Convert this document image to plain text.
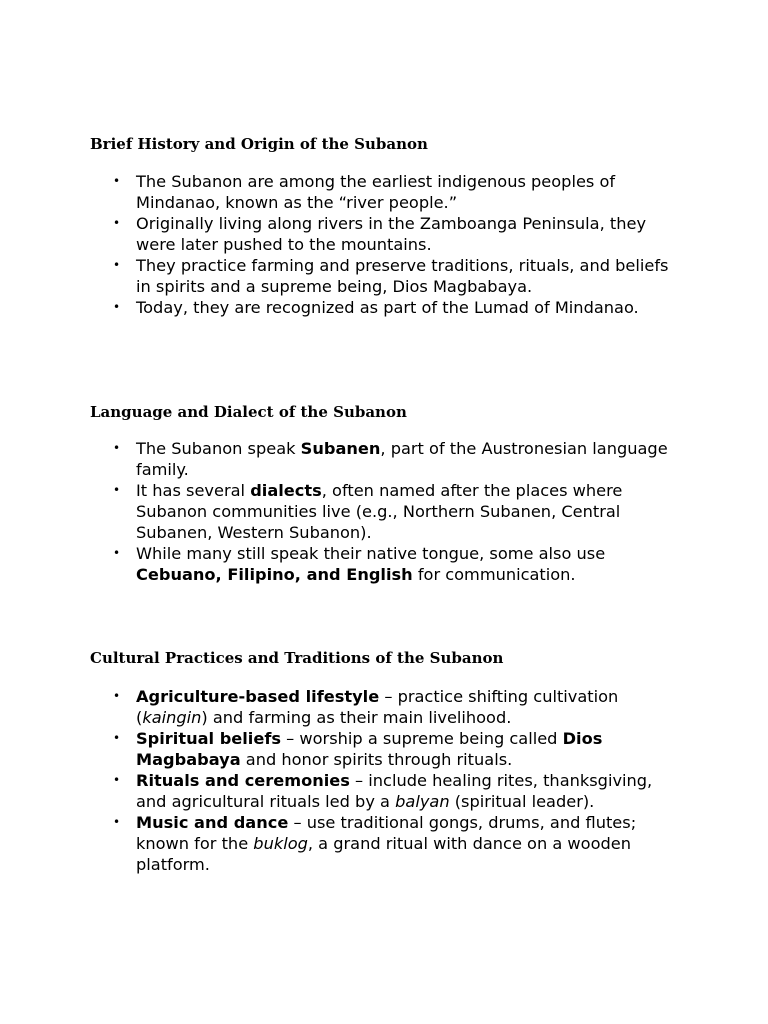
Brief History and Origin of the Subanon
• The Subanon are among the earliest indigenous peoples of Mindanao, known as the “river people.”
• Originally living along rivers in the Zamboanga Peninsula, they were later pushed to the mountains.
• They practice farming and preserve traditions, rituals, and beliefs in spirits and a supreme being, Dios Magbabaya.
• Today, they are recognized as part of the Lumad of Mindanao.
Language and Dialect of the Subanon
• The Subanon speak Subanen, part of the Austronesian language family.
• It has several dialects, often named after the places where Subanon communities live (e.g., Northern Subanen, Central Subanen, Western Subanon).
• While many still speak their native tongue, some also use Cebuano, Filipino, and English for communication.
Cultural Practices and Traditions of the Subanon
• Agriculture-based lifestyle – practice shifting cultivation (kaingin) and farming as their main livelihood.
• Spiritual beliefs – worship a supreme being called Dios Magbabaya and honor spirits through rituals.
• Rituals and ceremonies – include healing rites, thanksgiving, and agricultural rituals led by a balyan (spiritual leader).
• Music and dance – use traditional gongs, drums, and flutes; known for the buklog, a grand ritual with dance on a wooden platform.
